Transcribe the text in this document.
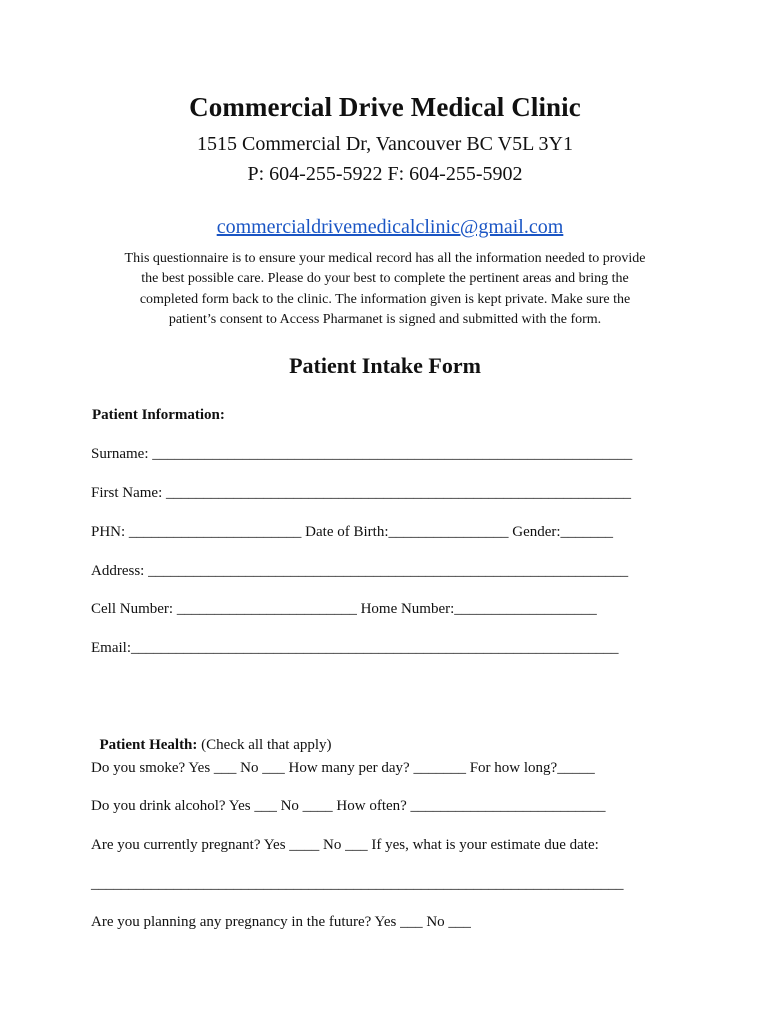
Commercial Drive Medical Clinic
1515 Commercial Dr, Vancouver BC V5L 3Y1
P: 604-255-5922 F: 604-255-5902

commercialdrivemedicalclinic@gmail.com

This questionnaire is to ensure your medical record has all the information needed to provide
the best possible care. Please do your best to complete the pertinent areas and bring the
completed form back to the clinic. The information given is kept private. Make sure the
patient’s consent to Access Pharmanet is signed and submitted with the form.
Patient Intake Form
Patient Information:
Surname: ________________________________________________________________
First Name: ______________________________________________________________
PHN: _______________________ Date of Birth:________________ Gender:_______
Address: ________________________________________________________________
Cell Number: ________________________ Home Number:___________________
Email:_________________________________________________________________

Patient Health: (Check all that apply)

Do you smoke? Yes ___ No ___ How many per day? _______ For how long?_____
Do you drink alcohol? Yes ___ No ____ How often? __________________________
Are you currently pregnant? Yes ____ No ___ If yes, what is your estimate due date:
_______________________________________________________________________
Are you planning any pregnancy in the future? Yes ___ No ___
